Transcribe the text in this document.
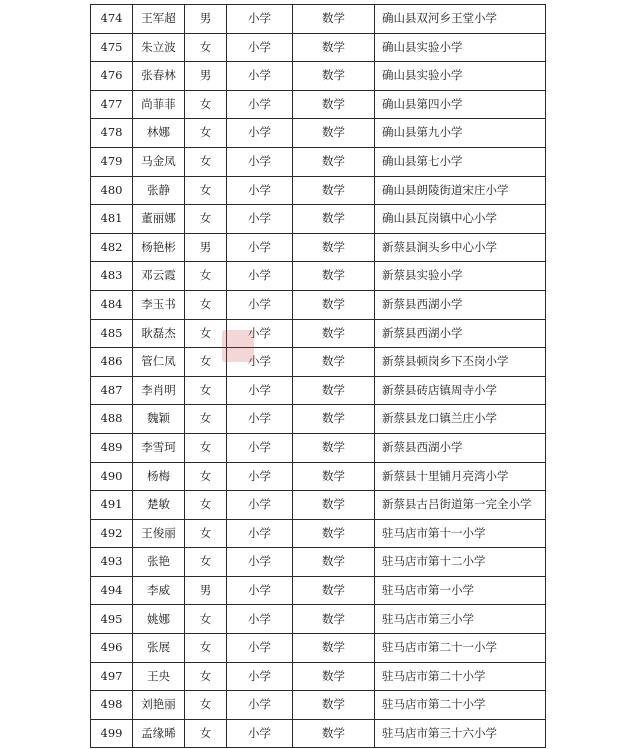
474	王军超	男	小学	数学	确山县双河乡王堂小学
475	朱立波	女	小学	数学	确山县实验小学
476	张春林	男	小学	数学	确山县实验小学
477	尚菲菲	女	小学	数学	确山县第四小学
478	林娜	女	小学	数学	确山县第九小学
479	马金凤	女	小学	数学	确山县第七小学
480	张静	女	小学	数学	确山县朗陵街道宋庄小学
481	董丽娜	女	小学	数学	确山县瓦岗镇中心小学
482	杨艳彬	男	小学	数学	新蔡县涧头乡中心小学
483	邓云霞	女	小学	数学	新蔡县实验小学
484	李玉书	女	小学	数学	新蔡县西湖小学
485	耿磊杰	女	小学	数学	新蔡县西湖小学
486	管仁凤	女	小学	数学	新蔡县顿岗乡下丕岗小学
487	李肖明	女	小学	数学	新蔡县砖店镇周寺小学
488	魏颖	女	小学	数学	新蔡县龙口镇兰庄小学
489	李雪珂	女	小学	数学	新蔡县西湖小学
490	杨梅	女	小学	数学	新蔡县十里铺月亮湾小学
491	楚敏	女	小学	数学	新蔡县古吕街道第一完全小学
492	王俊丽	女	小学	数学	驻马店市第十一小学
493	张艳	女	小学	数学	驻马店市第十二小学
494	李威	男	小学	数学	驻马店市第一小学
495	姚娜	女	小学	数学	驻马店市第三小学
496	张展	女	小学	数学	驻马店市第二十一小学
497	王央	女	小学	数学	驻马店市第二十小学
498	刘艳丽	女	小学	数学	驻马店市第二十小学
499	孟缘晞	女	小学	数学	驻马店市第三十六小学
